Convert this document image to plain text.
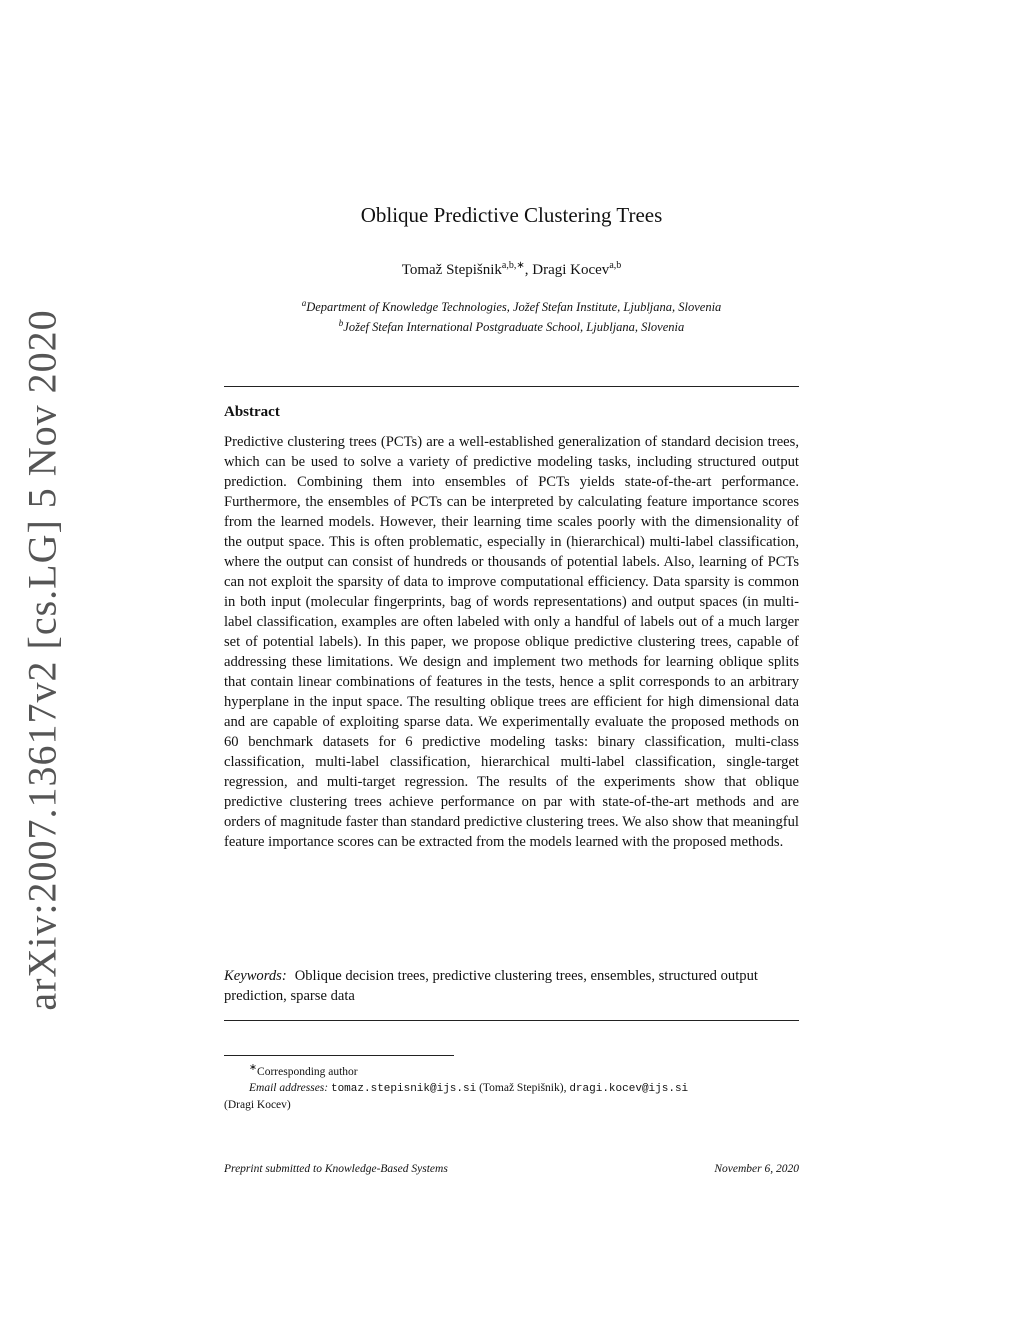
arXiv:2007.13617v2 [cs.LG] 5 Nov 2020
Oblique Predictive Clustering Trees
Tomaž Stepišnik$^{a,b,∗}$, Dragi Kocev$^{a,b}$
$^a$Department of Knowledge Technologies, Jožef Stefan Institute, Ljubljana, Slovenia
$^b$Jožef Stefan International Postgraduate School, Ljubljana, Slovenia
Abstract
Predictive clustering trees (PCTs) are a well-established generalization of standard decision trees, which can be used to solve a variety of predictive modeling tasks, including structured output prediction. Combining them into ensembles of PCTs yields state-of-the-art performance. Furthermore, the ensembles of PCTs can be interpreted by calculating feature importance scores from the learned models. However, their learning time scales poorly with the dimensionality of the output space. This is often problematic, especially in (hierarchical) multi-label classification, where the output can consist of hundreds or thousands of potential labels. Also, learning of PCTs can not exploit the sparsity of data to improve computational efficiency. Data sparsity is common in both input (molecular fingerprints, bag of words representations) and output spaces (in multi-label classification, examples are often labeled with only a handful of labels out of a much larger set of potential labels). In this paper, we propose oblique predictive clustering trees, capable of addressing these limitations. We design and implement two methods for learning oblique splits that contain linear combinations of features in the tests, hence a split corresponds to an arbitrary hyperplane in the input space. The resulting oblique trees are efficient for high dimensional data and are capable of exploiting sparse data. We experimentally evaluate the proposed methods on 60 benchmark datasets for 6 predictive modeling tasks: binary classification, multi-class classification, multi-label classification, hierarchical multi-label classification, single-target regression, and multi-target regression. The results of the experiments show that oblique predictive clustering trees achieve performance on par with state-of-the-art methods and are orders of magnitude faster than standard predictive clustering trees. We also show that meaningful feature importance scores can be extracted from the models learned with the proposed methods.
Keywords: Oblique decision trees, predictive clustering trees, ensembles, structured output prediction, sparse data
∗Corresponding author
Email addresses: tomaz.stepisnik@ijs.si (Tomaž Stepišnik), dragi.kocev@ijs.si
(Dragi Kocev)
Preprint submitted to Knowledge-Based Systems	November 6, 2020
